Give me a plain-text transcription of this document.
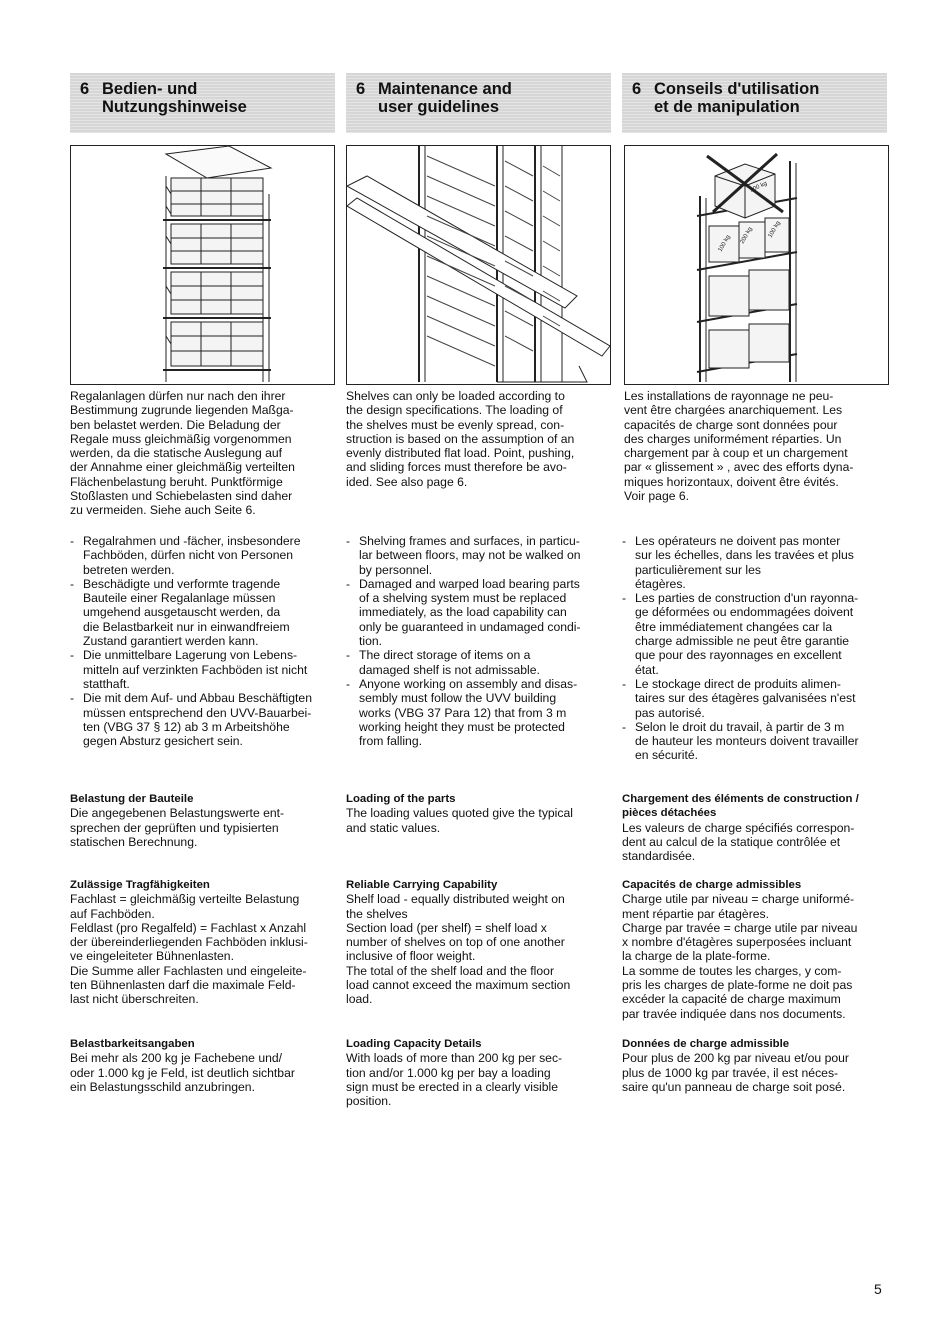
6 Bedien- und
Nutzungshinweise
Regalanlagen dürfen nur nach den ihrer
Bestimmung zugrunde liegenden Maßga-
ben belastet werden. Die Beladung der
Regale muss gleichmäßig vorgenommen
werden, da die statische Auslegung auf
der Annahme einer gleichmäßig verteilten
Flächenbelastung beruht. Punktförmige
Stoßlasten und Schiebelasten sind daher
zu vermeiden. Siehe auch Seite 6.
- Regalrahmen und -fächer, insbesondere
Fachböden, dürfen nicht von Personen
betreten werden.
- Beschädigte und verformte tragende
Bauteile einer Regalanlage müssen
umgehend ausgetauscht werden, da
die Belastbarkeit nur in einwandfreiem
Zustand garantiert werden kann.
- Die unmittelbare Lagerung von Lebens-
mitteln auf verzinkten Fachböden ist nicht
statthaft.
- Die mit dem Auf- und Abbau Beschäftigten
müssen entsprechend den UVV-Bauarbei-
ten (VBG 37 § 12) ab 3 m Arbeitshöhe
gegen Absturz gesichert sein.
Belastung der Bauteile
Die angegebenen Belastungswerte ent-
sprechen der geprüften und typisierten
statischen Berechnung.
Zulässige Tragfähigkeiten
Fachlast = gleichmäßig verteilte Belastung
auf Fachböden.
Feldlast (pro Regalfeld) = Fachlast x Anzahl
der übereinderliegenden Fachböden inklusi-
ve eingeleiteter Bühnenlasten.
Die Summe aller Fachlasten und eingeleite-
ten Bühnenlasten darf die maximale Feld-
last nicht überschreiten.
Belastbarkeitsangaben
Bei mehr als 200 kg je Fachebene und/
oder 1.000 kg je Feld, ist deutlich sichtbar
ein Belastungsschild anzubringen.
6 Maintenance and
user guidelines
Shelves can only be loaded according to
the design specifications. The loading of
the shelves must be evenly spread, con-
struction is based on the assumption of an
evenly distributed flat load. Point, pushing,
and sliding forces must therefore be avo-
ided. See also page 6.
- Shelving frames and surfaces, in particu-
lar between floors, may not be walked on
by personnel.
- Damaged and warped load bearing parts
of a shelving system must be replaced
immediately, as the load capability can
only be guaranteed in undamaged condi-
tion.
- The direct storage of items on a
damaged shelf is not admissable.
- Anyone working on assembly and disas-
sembly must follow the UVV building
works (VBG 37 Para 12) that from 3 m
working height they must be protected
from falling.
Loading of the parts
The loading values quoted give the typical
and static values.
Reliable Carrying Capability
Shelf load - equally distributed weight on
the shelves
Section load (per shelf) = shelf load x
number of shelves on top of one another
inclusive of floor weight.
The total of the shelf load and the floor
load cannot exceed the maximum section
load.
Loading Capacity Details
With loads of more than 200 kg per sec-
tion and/or 1.000 kg per bay a loading
sign must be erected in a clearly visible
position.
6 Conseils d'utilisation
et de manipulation
300 kg
200 kg
100 kg
100 kg
Les installations de rayonnage ne peu-
vent être chargées anarchiquement. Les
capacités de charge sont données pour
des charges uniformément réparties. Un
chargement par à coup et un chargement
par « glissement » , avec des efforts dyna-
miques horizontaux, doivent être évités.
Voir page 6.
- Les opérateurs ne doivent pas monter
sur les échelles, dans les travées et plus
particulièrement sur les
étagères.
- Les parties de construction d'un rayonna-
ge déformées ou endommagées doivent
être immédiatement changées car la
charge admissible ne peut être garantie
que pour des rayonnages en excellent
état.
- Le stockage direct de produits alimen-
taires sur des étagères galvanisées n'est
pas autorisé.
- Selon le droit du travail, à partir de 3 m
de hauteur les monteurs doivent travailler
en sécurité.
Chargement des éléments de construction /
pièces détachées
Les valeurs de charge spécifiés correspon-
dent au calcul de la statique contrôlée et
standardisée.
Capacités de charge admissibles
Charge utile par niveau = charge uniformé-
ment répartie par étagères.
Charge par travée = charge utile par niveau
x nombre d'étagères superposées incluant
la charge de la plate-forme.
La somme de toutes les charges, y com-
pris les charges de plate-forme ne doit pas
excéder la capacité de charge maximum
par travée indiquée dans nos documents.
Données de charge admissible
Pour plus de 200 kg par niveau et/ou pour
plus de 1000 kg par travée, il est néces-
saire qu'un panneau de charge soit posé.
5
